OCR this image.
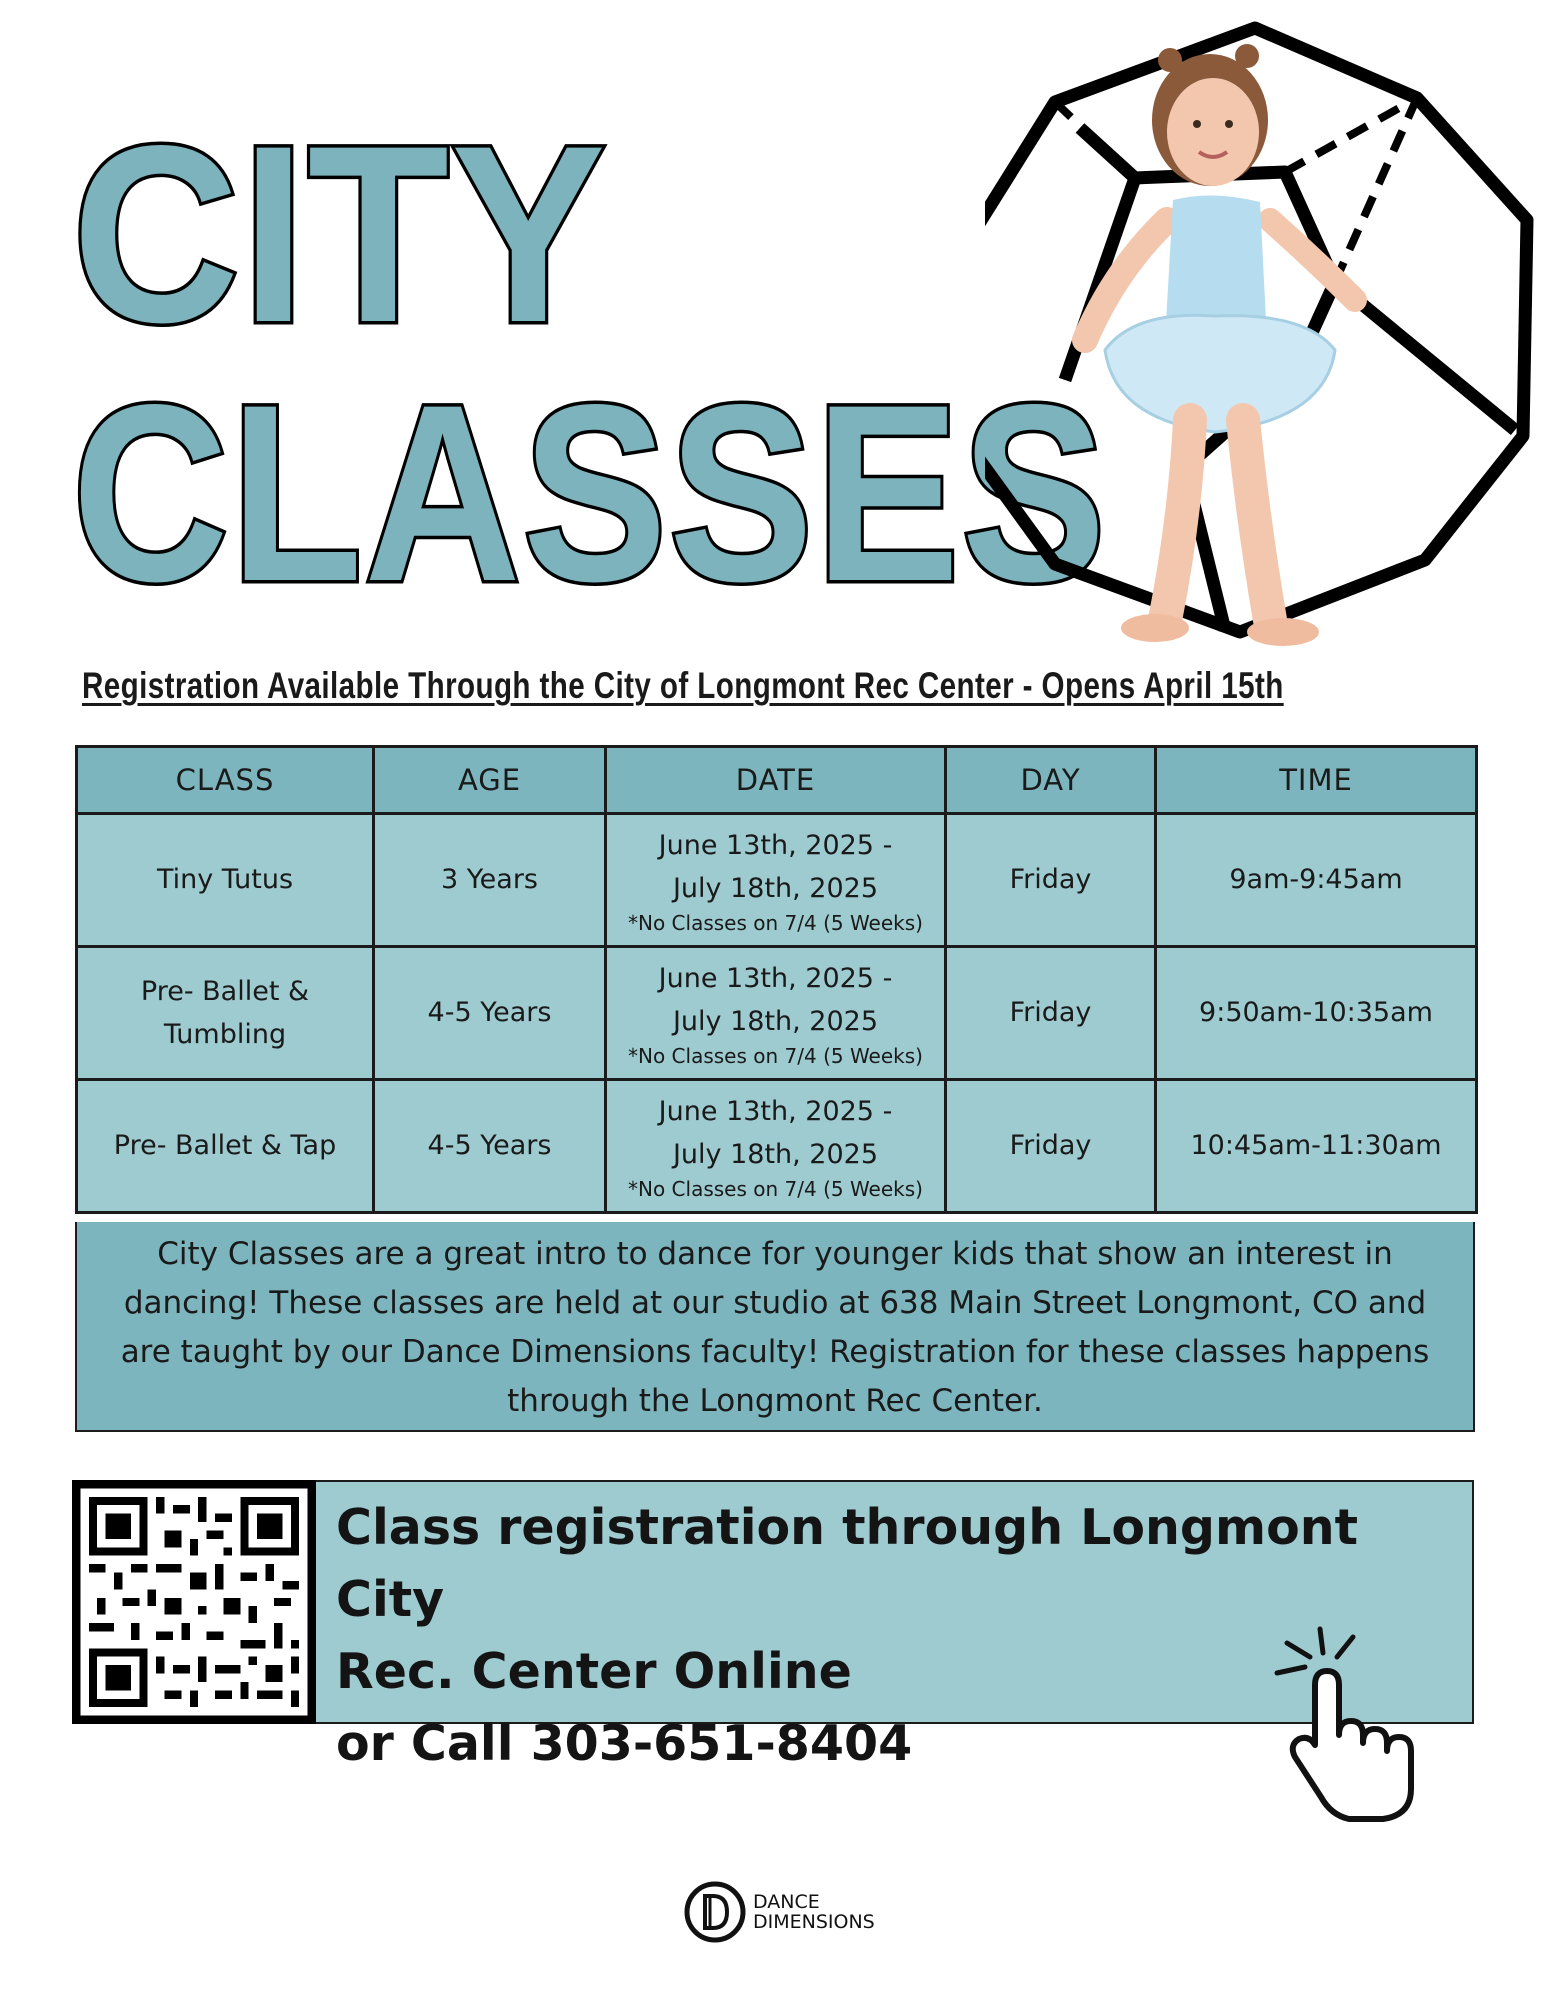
CITY
CLASSES

Registration Available Through the City of Longmont Rec Center - Opens April 15th

CLASS	AGE	DATE	DAY	TIME
Tiny Tutus	3 Years	June 13th, 2025 -
July 18th, 2025
*No Classes on 7/4 (5 Weeks)	Friday	9am-9:45am
Pre- Ballet & Tumbling	4-5 Years	June 13th, 2025 -
July 18th, 2025
*No Classes on 7/4 (5 Weeks)	Friday	9:50am-10:35am
Pre- Ballet & Tap	4-5 Years	June 13th, 2025 -
July 18th, 2025
*No Classes on 7/4 (5 Weeks)	Friday	10:45am-11:30am

City Classes are a great intro to dance for younger kids that show an interest in dancing! These classes are held at our studio at 638 Main Street Longmont, CO and are taught by our Dance Dimensions faculty! Registration for these classes happens through the Longmont Rec Center.

Class registration through Longmont City
Rec. Center Online
or Call 303-651-8404

DANCE
DIMENSIONS
